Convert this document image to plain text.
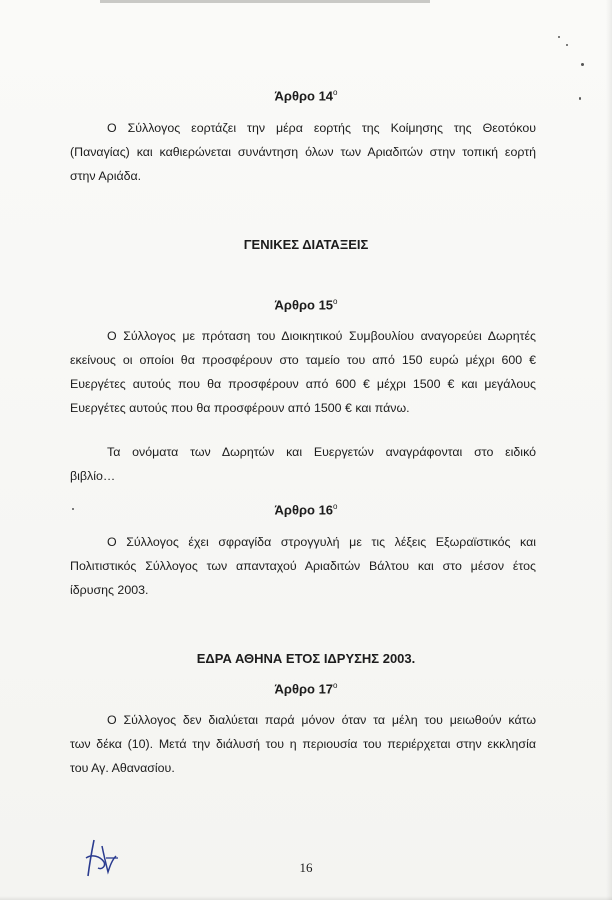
Άρθρο $14^o$
Ο Σύλλογος εορτάζει την μέρα εορτής της Κοίμησης της Θεοτόκου
(Παναγίας) και καθιερώνεται συνάντηση όλων των Αριαδιτών στην τοπική εορτή
στην Αριάδα.
ΓΕΝΙΚΕΣ ΔΙΑΤΑΞΕΙΣ
Άρθρο $15^o$
Ο Σύλλογος με πρόταση του Διοικητικού Συμβουλίου αναγορεύει Δωρητές
εκείνους οι οποίοι θα προσφέρουν στο ταμείο του από 150 ευρώ μέχρι 600 €
Ευεργέτες αυτούς που θα προσφέρουν από 600 € μέχρι 1500 € και μεγάλους
Ευεργέτες αυτούς που θα προσφέρουν από 1500 € και πάνω.
Τα ονόματα των Δωρητών και Ευεργετών αναγράφονται στο ειδικό
βιβλίο…
Άρθρο $16^o$
Ο Σύλλογος έχει σφραγίδα στρογγυλή με τις λέξεις Εξωραϊστικός και
Πολιτιστικός Σύλλογος των απανταχού Αριαδιτών Βάλτου και στο μέσον έτος
ίδρυσης 2003.
ΕΔΡΑ ΑΘΗΝΑ ΕΤΟΣ ΙΔΡΥΣΗΣ 2003.
Άρθρο $17^o$
Ο Σύλλογος δεν διαλύεται παρά μόνον όταν τα μέλη του μειωθούν κάτω
των δέκα (10). Μετά την διάλυσή του η περιουσία του περιέρχεται στην εκκλησία
του Αγ. Αθανασίου.
16
